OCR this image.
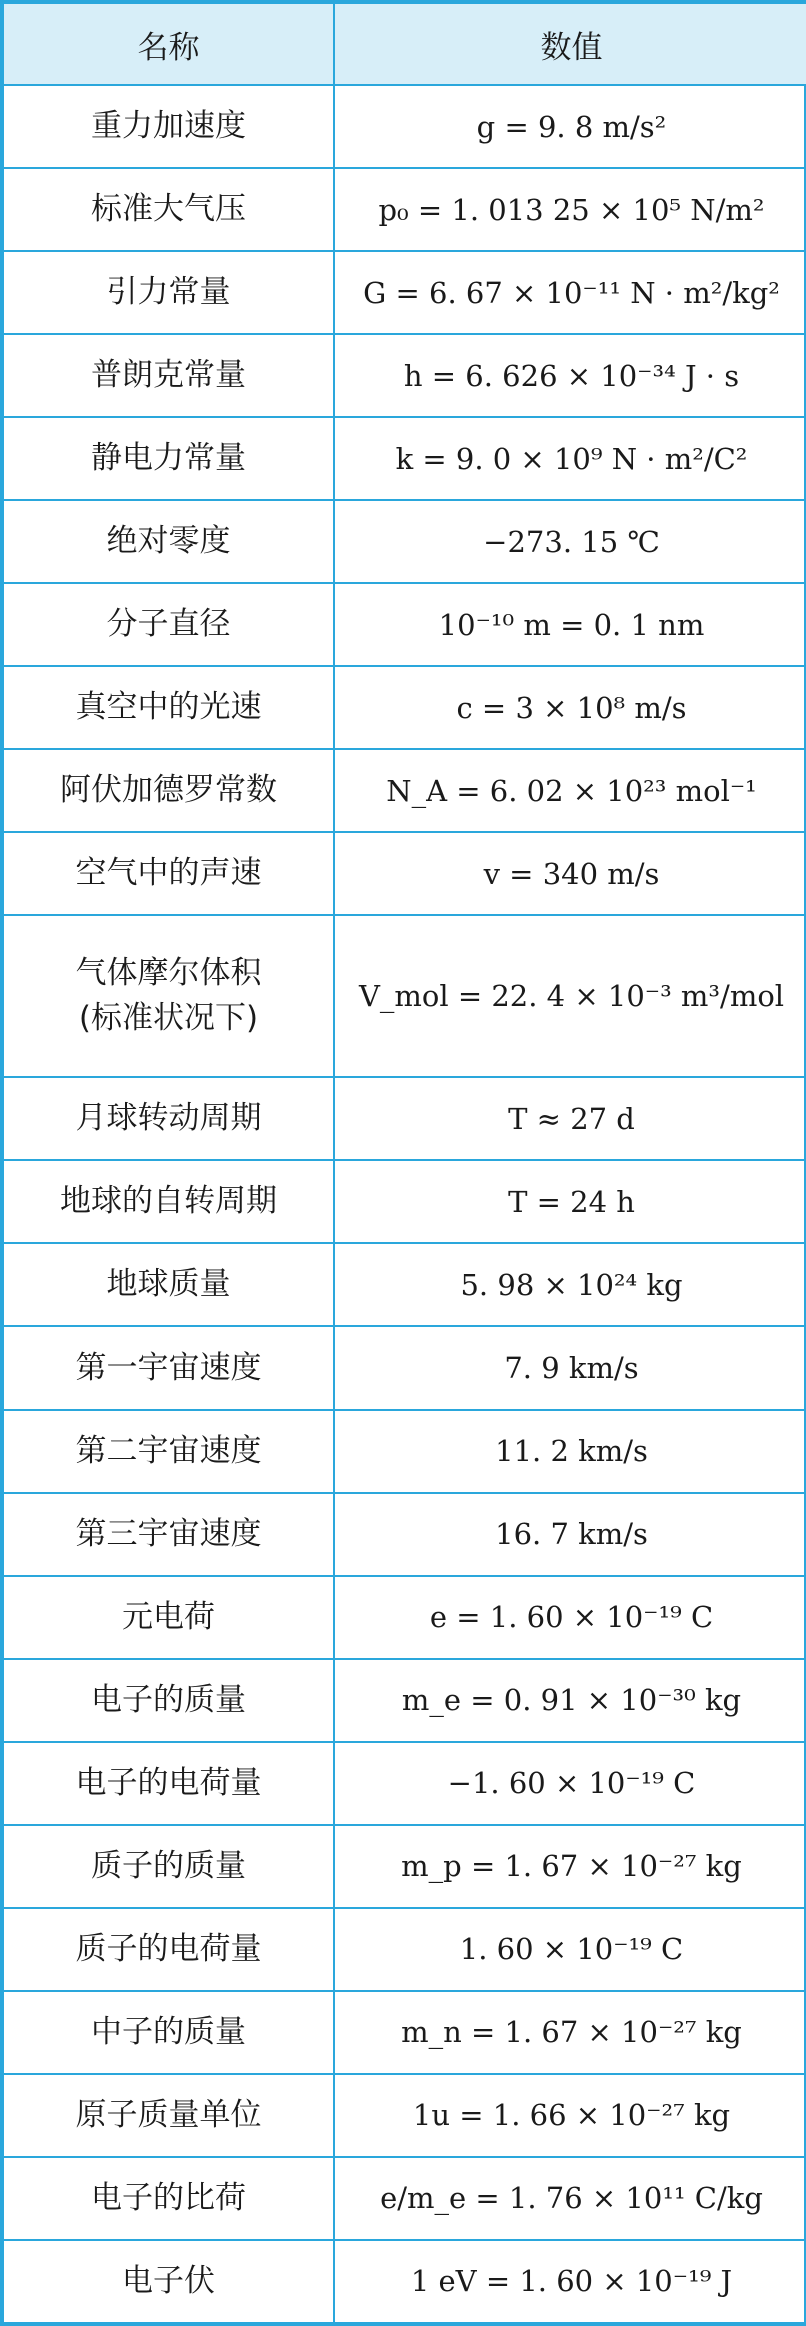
名称	数值
重力加速度	g = 9. 8 m/s²
标准大气压	p₀ = 1. 013 25 × 10⁵ N/m²
引力常量	G = 6. 67 × 10⁻¹¹ N · m²/kg²
普朗克常量	h = 6. 626 × 10⁻³⁴ J · s
静电力常量	k = 9. 0 × 10⁹ N · m²/C²
绝对零度	−273. 15 ℃
分子直径	10⁻¹⁰ m = 0. 1 nm
真空中的光速	c = 3 × 10⁸ m/s
阿伏加德罗常数	N_A = 6. 02 × 10²³ mol⁻¹
空气中的声速	v = 340 m/s
气体摩尔体积
(标准状况下)	V_mol = 22. 4 × 10⁻³ m³/mol
月球转动周期	T ≈ 27 d
地球的自转周期	T = 24 h
地球质量	5. 98 × 10²⁴ kg
第一宇宙速度	7. 9 km/s
第二宇宙速度	11. 2 km/s
第三宇宙速度	16. 7 km/s
元电荷	e = 1. 60 × 10⁻¹⁹ C
电子的质量	m_e = 0. 91 × 10⁻³⁰ kg
电子的电荷量	−1. 60 × 10⁻¹⁹ C
质子的质量	m_p = 1. 67 × 10⁻²⁷ kg
质子的电荷量	1. 60 × 10⁻¹⁹ C
中子的质量	m_n = 1. 67 × 10⁻²⁷ kg
原子质量单位	1u = 1. 66 × 10⁻²⁷ kg
电子的比荷	e/m_e = 1. 76 × 10¹¹ C/kg
电子伏	1 eV = 1. 60 × 10⁻¹⁹ J
